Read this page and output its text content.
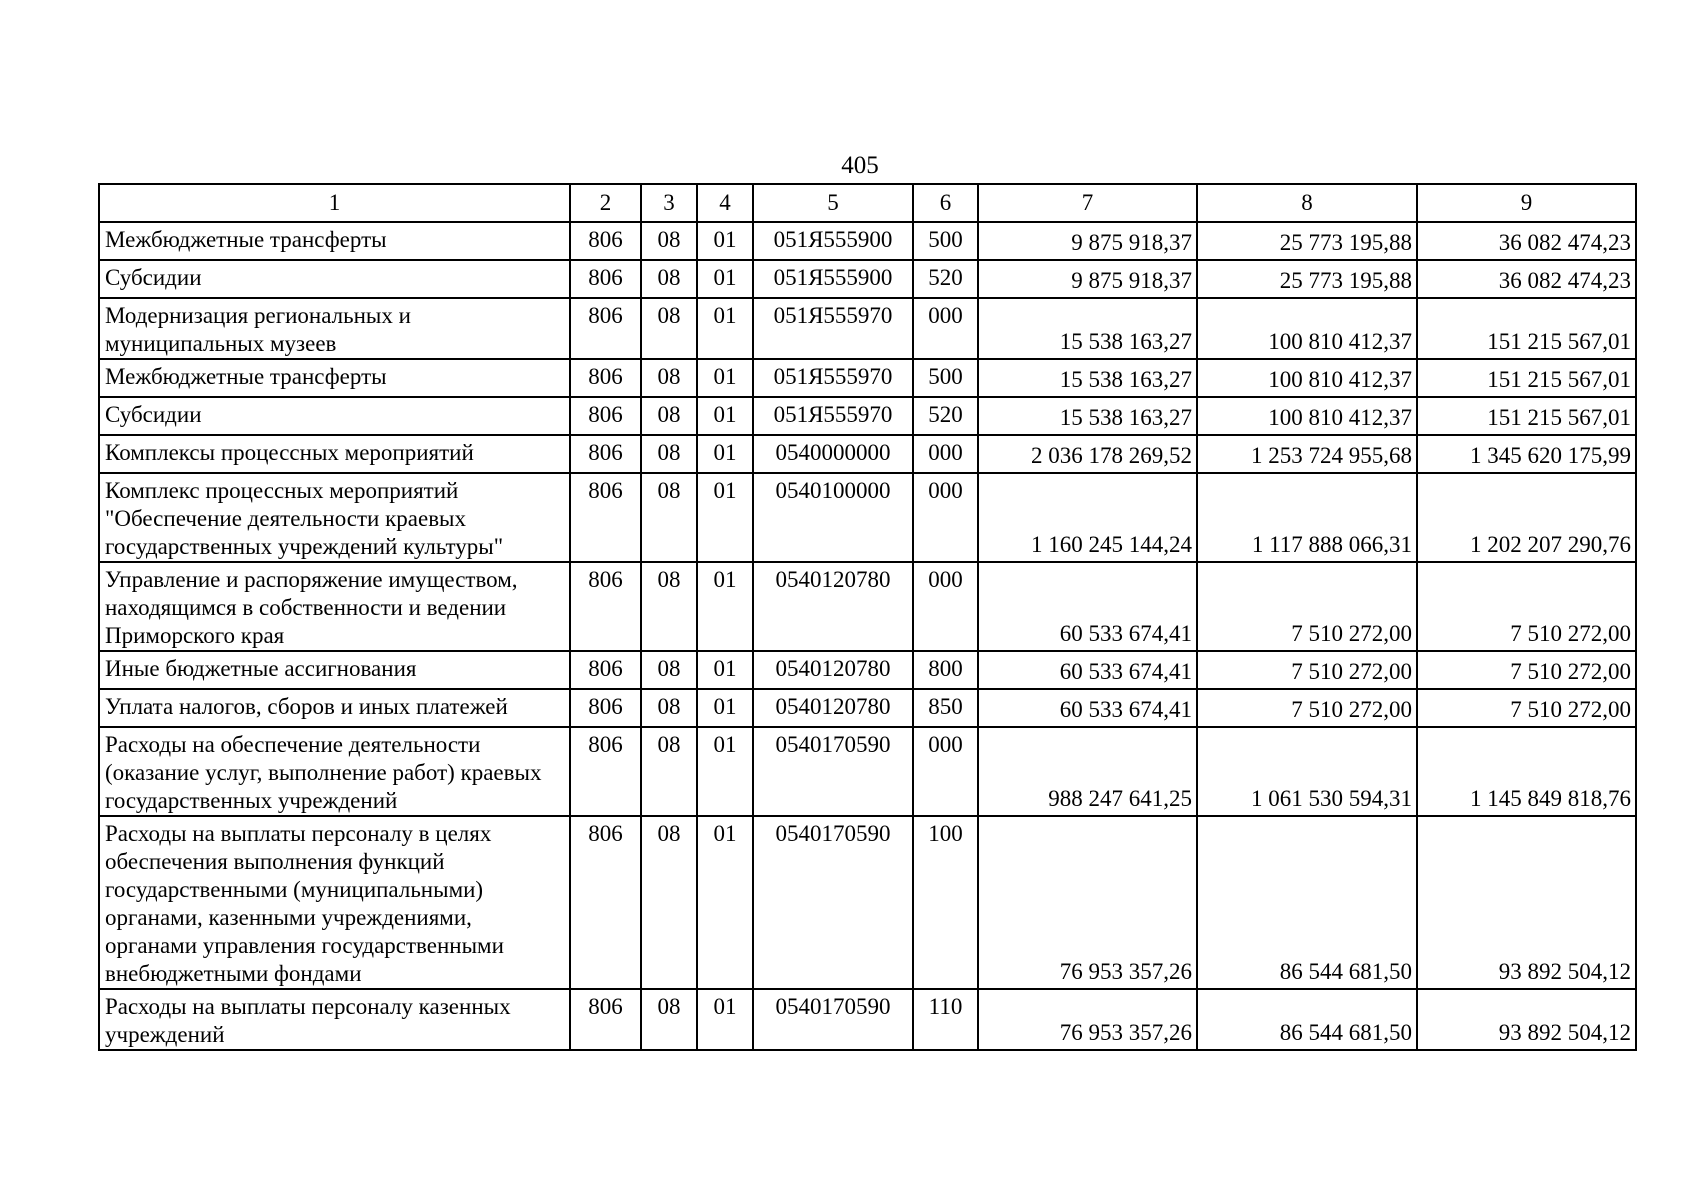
405
1	2	3	4	5	6	7	8	9
Межбюджетные трансферты	806	08	01	051Я555900	500	9 875 918,37	25 773 195,88	36 082 474,23
Субсидии	806	08	01	051Я555900	520	9 875 918,37	25 773 195,88	36 082 474,23
Модернизация региональных и муниципальных музеев	806	08	01	051Я555970	000	15 538 163,27	100 810 412,37	151 215 567,01
Межбюджетные трансферты	806	08	01	051Я555970	500	15 538 163,27	100 810 412,37	151 215 567,01
Субсидии	806	08	01	051Я555970	520	15 538 163,27	100 810 412,37	151 215 567,01
Комплексы процессных мероприятий	806	08	01	0540000000	000	2 036 178 269,52	1 253 724 955,68	1 345 620 175,99
Комплекс процессных мероприятий "Обеспечение деятельности краевых государственных учреждений культуры"	806	08	01	0540100000	000	1 160 245 144,24	1 117 888 066,31	1 202 207 290,76
Управление и распоряжение имуществом, находящимся в собственности и ведении Приморского края	806	08	01	0540120780	000	60 533 674,41	7 510 272,00	7 510 272,00
Иные бюджетные ассигнования	806	08	01	0540120780	800	60 533 674,41	7 510 272,00	7 510 272,00
Уплата налогов, сборов и иных платежей	806	08	01	0540120780	850	60 533 674,41	7 510 272,00	7 510 272,00
Расходы на обеспечение деятельности (оказание услуг, выполнение работ) краевых государственных учреждений	806	08	01	0540170590	000	988 247 641,25	1 061 530 594,31	1 145 849 818,76
Расходы на выплаты персоналу в целях обеспечения выполнения функций государственными (муниципальными) органами, казенными учреждениями, органами управления государственными внебюджетными фондами	806	08	01	0540170590	100	76 953 357,26	86 544 681,50	93 892 504,12
Расходы на выплаты персоналу казенных учреждений	806	08	01	0540170590	110	76 953 357,26	86 544 681,50	93 892 504,12
